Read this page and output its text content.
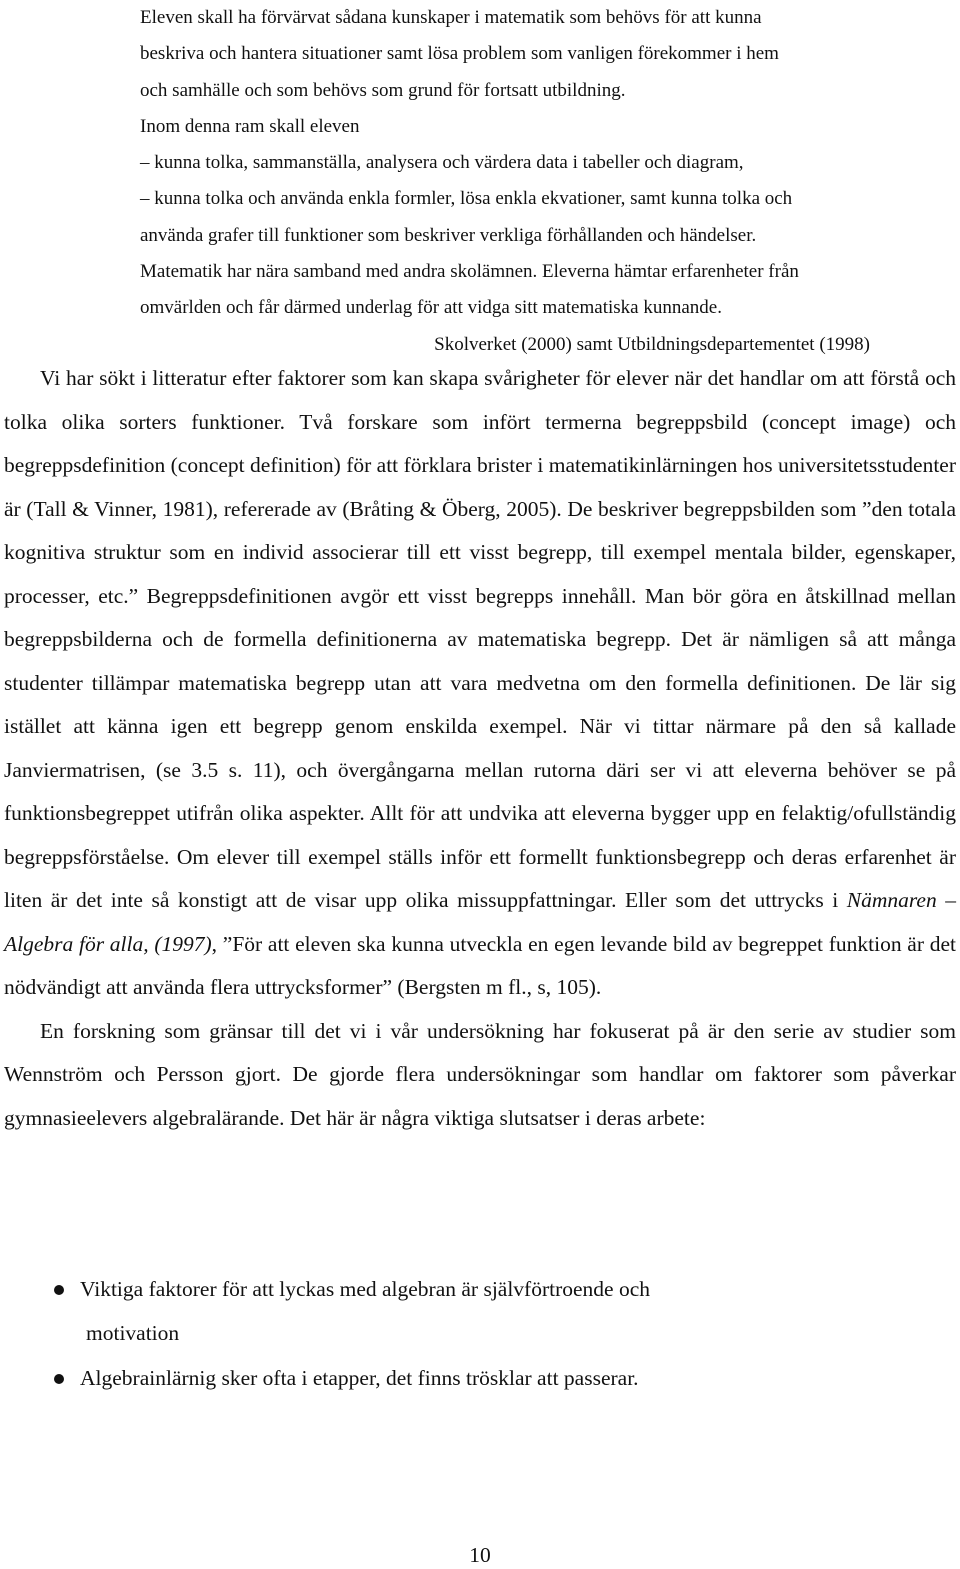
Eleven skall ha förvärvat sådana kunskaper i matematik som behövs för att kunna

beskriva och hantera situationer samt lösa problem som vanligen förekommer i hem

och samhälle och som behövs som grund för fortsatt utbildning.

Inom denna ram skall eleven

– kunna tolka, sammanställa, analysera och värdera data i tabeller och diagram,

– kunna tolka och använda enkla formler, lösa enkla ekvationer, samt kunna tolka och

använda grafer till funktioner som beskriver verkliga förhållanden och händelser.

Matematik har nära samband med andra skolämnen. Eleverna hämtar erfarenheter från

omvärlden och får därmed underlag för att vidga sitt matematiska kunnande.

Skolverket (2000) samt Utbildningsdepartementet (1998)

Vi har sökt i litteratur efter faktorer som kan skapa svårigheter för elever när det handlar om att förstå och tolka olika sorters funktioner. Två forskare som infört termerna begreppsbild (concept image) och begreppsdefinition (concept definition) för att förklara brister i matematikinlärningen hos universitetsstudenter är (Tall & Vinner, 1981), refererade av (Bråting & Öberg, 2005). De beskriver begreppsbilden som ”den totala kognitiva struktur som en individ associerar till ett visst begrepp, till exempel mentala bilder, egenskaper, processer, etc.” Begreppsdefinitionen avgör ett visst begrepps innehåll. Man bör göra en åtskillnad mellan begreppsbilderna och de formella definitionerna av matematiska begrepp. Det är nämligen så att många studenter tillämpar matematiska begrepp utan att vara medvetna om den formella definitionen. De lär sig istället att känna igen ett begrepp genom enskilda exempel. När vi tittar närmare på den så kallade Janviermatrisen, (se 3.5 s. 11), och övergångarna mellan rutorna däri ser vi att eleverna behöver se på funktionsbegreppet utifrån olika aspekter. Allt för att undvika att eleverna bygger upp en felaktig/ofullständig begreppsförståelse. Om elever till exempel ställs inför ett formellt funktionsbegrepp och deras erfarenhet är liten är det inte så konstigt att de visar upp olika missuppfattningar. Eller som det uttrycks i Nämnaren – Algebra för alla, (1997), ”För att eleven ska kunna utveckla en egen levande bild av begreppet funktion är det nödvändigt att använda flera uttrycksformer” (Bergsten m fl., s, 105).

En forskning som gränsar till det vi i vår undersökning har fokuserat på är den serie av studier som Wennström och Persson gjort. De gjorde flera undersökningar som handlar om faktorer som påverkar gymnasieelevers algebralärande. Det här är några viktiga slutsatser i deras arbete:

Viktiga faktorer för att lyckas med algebran är självförtroende och
motivation
Algebrainlärnig sker ofta i etapper, det finns trösklar att passerar.
10
